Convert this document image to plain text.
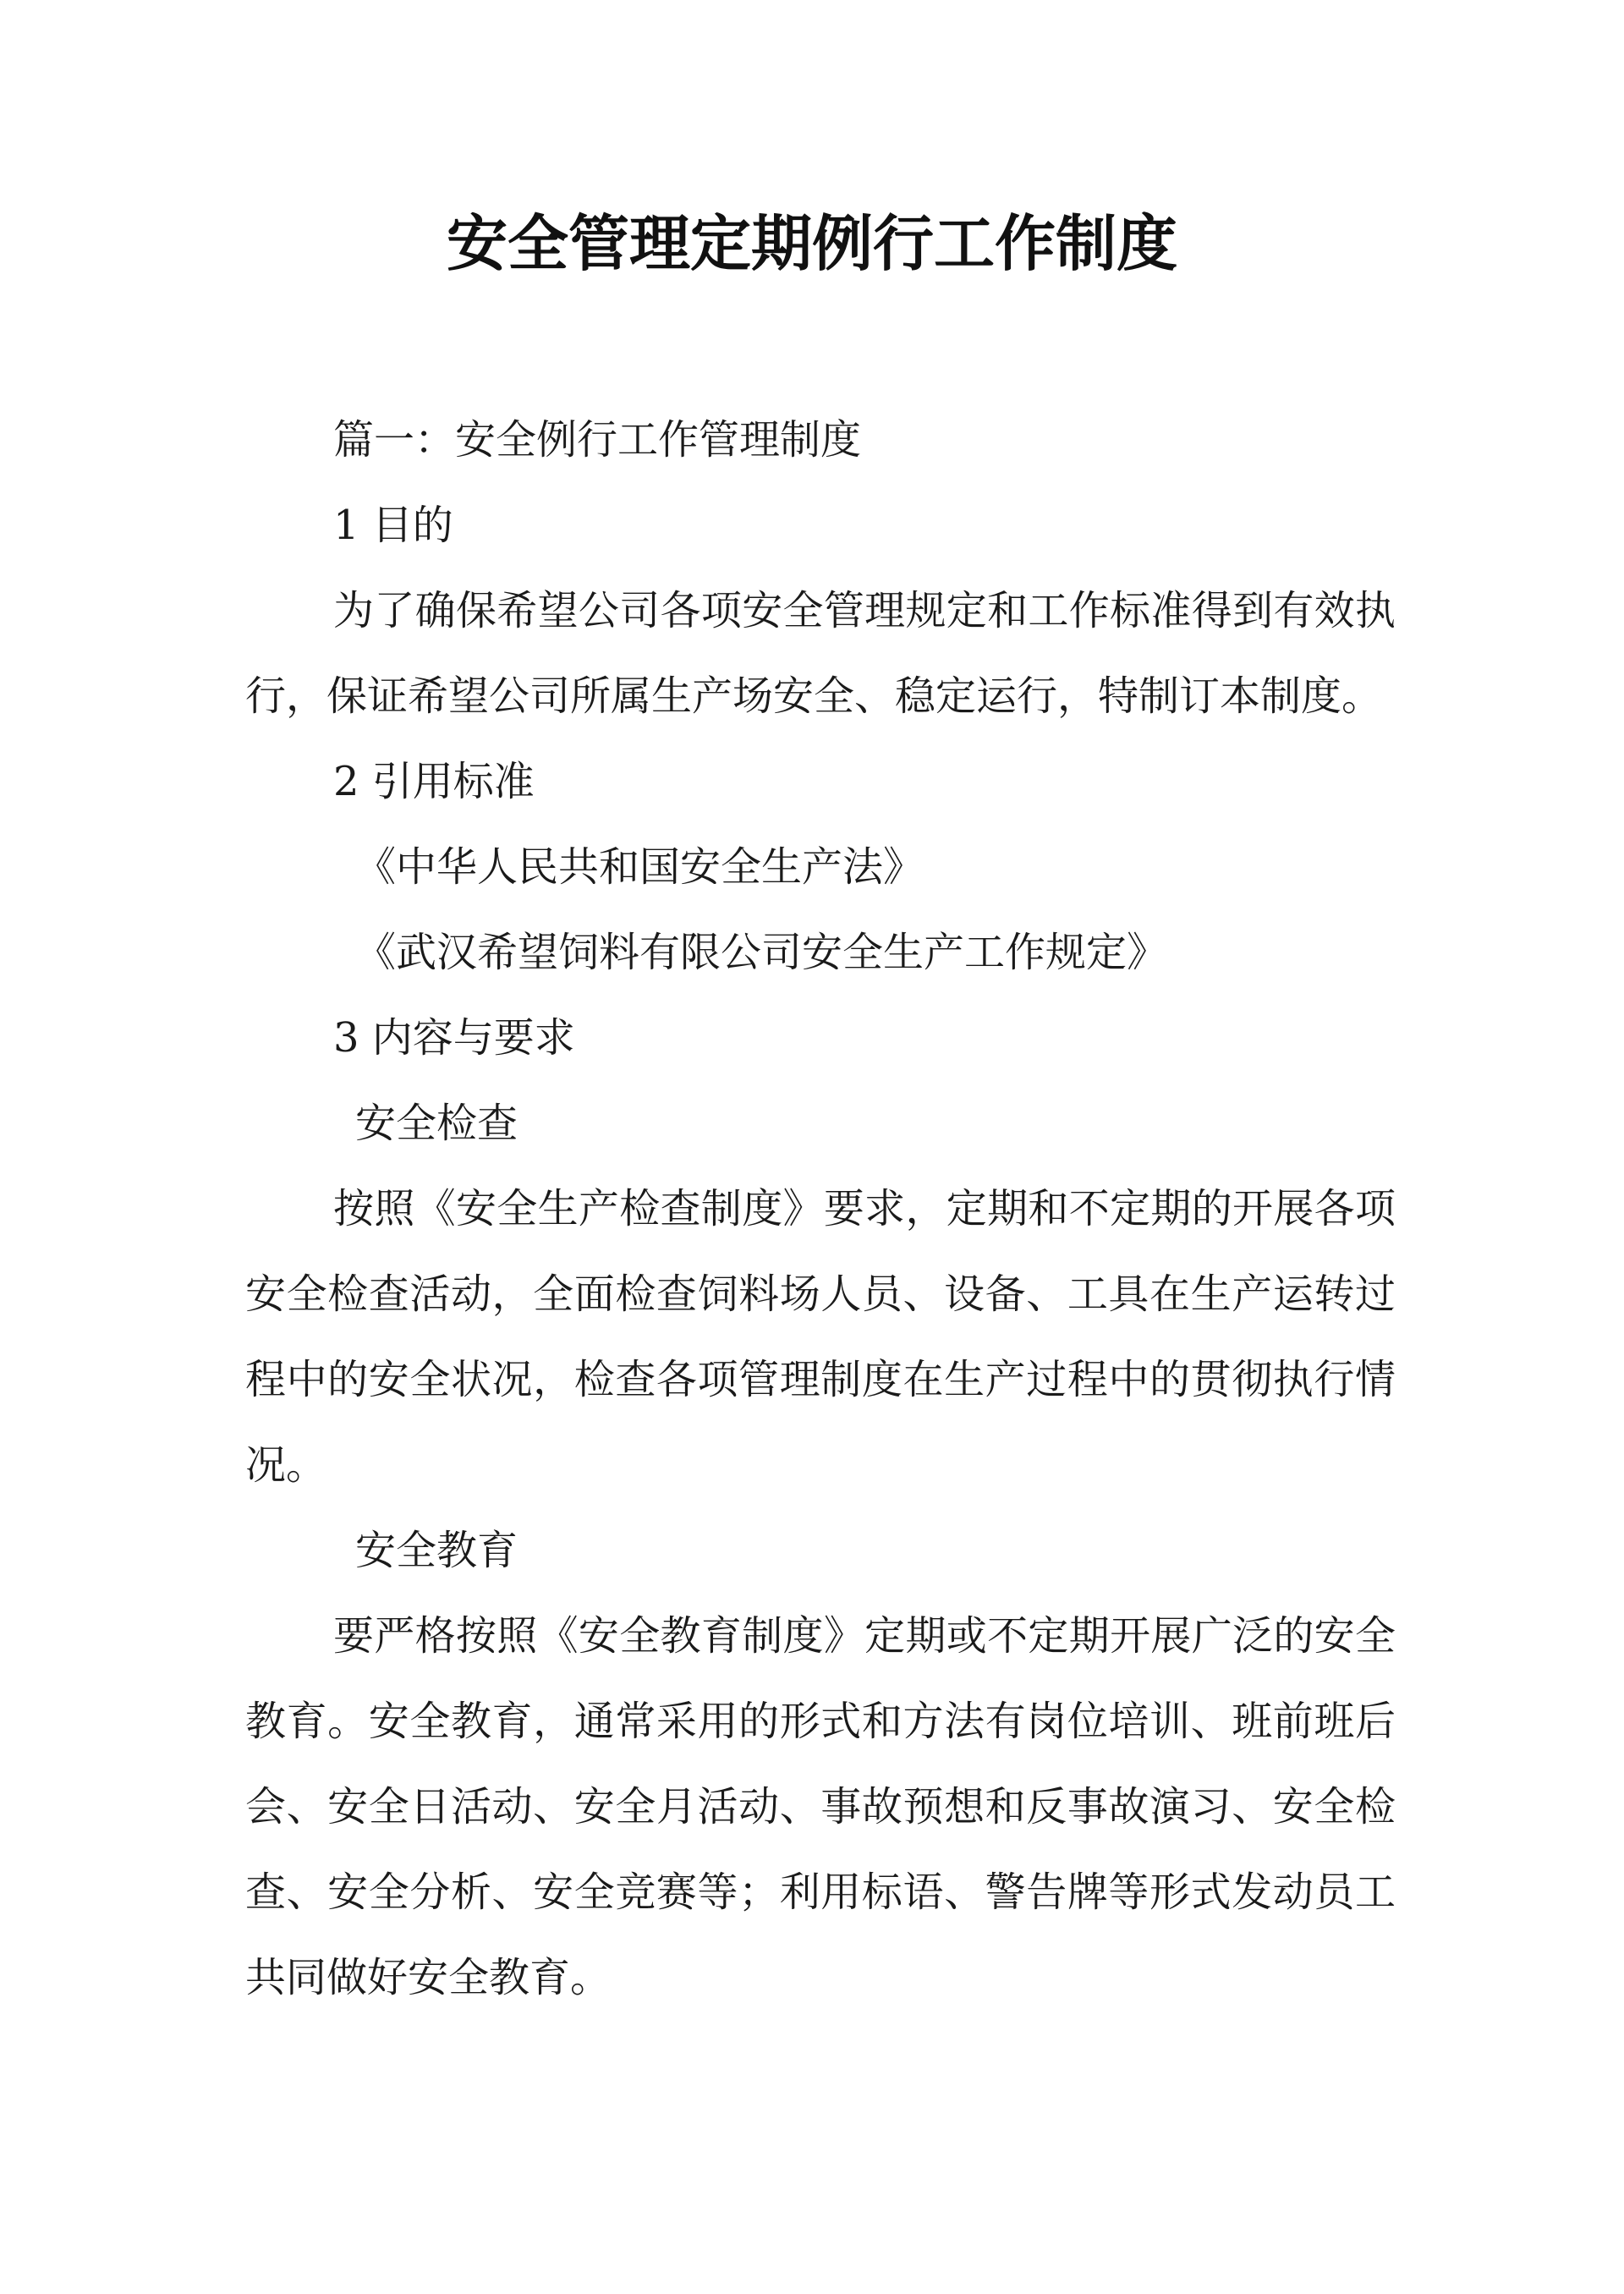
安全管理定期例行工作制度

篇一：安全例行工作管理制度

1 目的

为了确保希望公司各项安全管理规定和工作标准得到有效执行，保证希望公司所属生产场安全、稳定运行，特制订本制度。

2 引用标准

《中华人民共和国安全生产法》

《武汉希望饲料有限公司安全生产工作规定》

3 内容与要求

安全检查

按照《安全生产检查制度》要求，定期和不定期的开展各项安全检查活动，全面检查饲料场人员、设备、工具在生产运转过程中的安全状况，检查各项管理制度在生产过程中的贯彻执行情况。

安全教育

要严格按照《安全教育制度》定期或不定期开展广泛的安全教育。安全教育，通常采用的形式和方法有岗位培训、班前班后会、安全日活动、安全月活动、事故预想和反事故演习、安全检查、安全分析、安全竞赛等；利用标语、警告牌等形式发动员工共同做好安全教育。
